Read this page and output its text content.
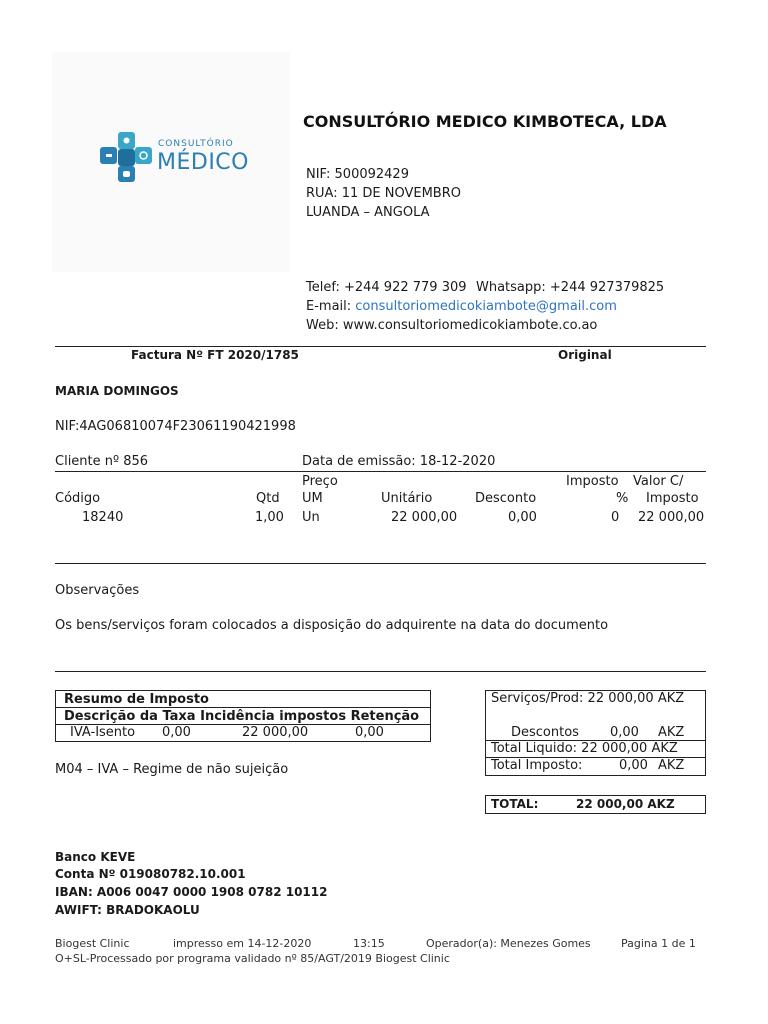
CONSULTÓRIO
MÉDICO
CONSULTÓRIO MEDICO KIMBOTECA, LDA
NIF: 500092429
RUA: 11 DE NOVEMBRO
LUANDA – ANGOLA
Telef: +244 922 779 309 Whatsapp: +244 927379825
E-mail: consultoriomedicokiambote@gmail.com
Web: www.consultoriomedicokiambote.co.ao
Factura Nº FT 2020/1785	Original
MARIA DOMINGOS
NIF:4AG06810074F23061190421998
Cliente nº 856	Data de emissão: 18-12-2020
Preço	Imposto Valor C/
Código	Qtd UM	Unitário	Desconto	% Imposto
18240	1,00 Un	22 000,00	0,00	0 22 000,00
Observações
Os bens/serviços foram colocados a disposição do adquirente na data do documento
Resumo de Imposto
Descrição da Taxa Incidência impostos Retenção

IVA-Isento 0,00	22 000,00	0,00
M04 – IVA – Regime de não sujeição
Serviços/Prod: 22 000,00 AKZ
Descontos 0,00 AKZ
Total Liquido: 22 000,00 AKZ
Total Imposto:	0,00 AKZ
TOTAL:	22 000,00 AKZ
Banco KEVE
Conta Nº 019080782.10.001
IBAN: A006 0047 0000 1908 0782 10112
AWIFT: BRADOKAOLU
Biogest Clinic	impresso em 14-12-2020	13:15	Operador(a): Menezes Gomes	Pagina 1 de 1
O+SL-Processado por programa validado nº 85/AGT/2019 Biogest Clinic
